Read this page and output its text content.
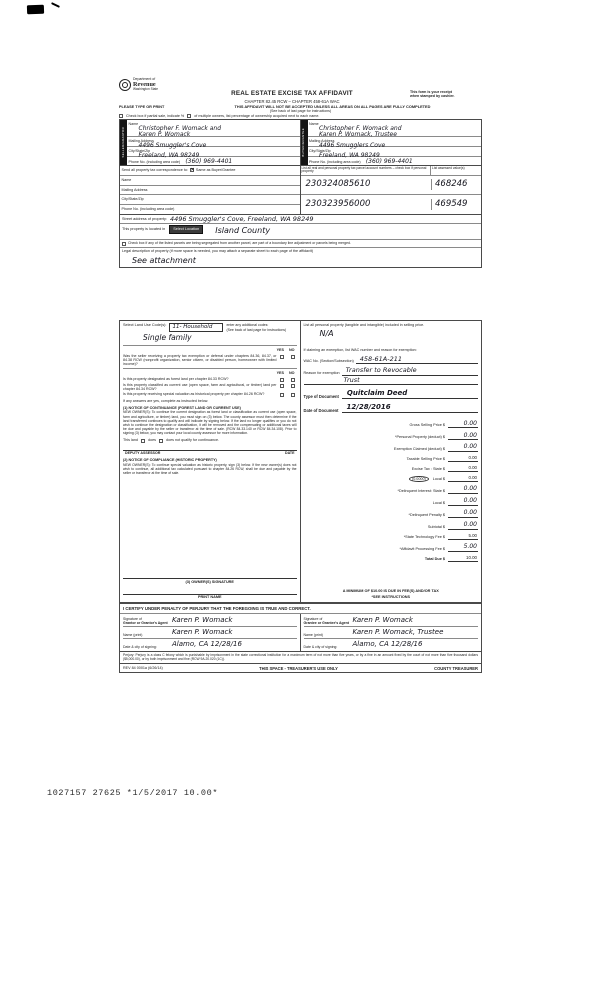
Department of
Revenue
Washington State
REAL ESTATE EXCISE TAX AFFIDAVIT
CHAPTER 82.45 RCW – CHAPTER 458-61A WAC
This form is your receipt
when stamped by cashier.
PLEASE TYPE OR PRINT	THIS AFFIDAVIT WILL NOT BE ACCEPTED UNLESS ALL AREAS ON ALL PAGES ARE FULLY COMPLETED
(See back of last page for instructions)
Check box if partial sale, indicate %	of multiple owners, list percentage of ownership acquired next to each name.
SELLER/GRANTOR
Name
Christopher F. Womack and
Karen P. Womack
Mailing Address
4496 Smuggler's Cove
City/State/Zip
Freeland, WA 98249
Phone No. (including area code) (360) 969-4401
Send all property tax correspondence to: ✕ Same as Buyer/Grantee
Name
Mailing Address
City/State/Zip
Phone No. (including area code)
BUYER/GRANTEE
Name
Christopher F. Womack and
Karen P. Womack, Trustee
Mailing Address
4496 Smugglers Cove
City/State/Zip
Freeland, WA 98249
Phone No. (including area code) (360) 969-4401
List all real and personal property tax parcel account numbers – check box if personal property
List assessed value(s)
230324085610	468246
230323956000	469549
Street address of property: 4496 Smuggler's Cove, Freeland, WA 98249
This property is located in	Select Location	Island County
Check box if any of the listed parcels are being segregated from another parcel, are part of a boundary line adjustment or parcels being merged.
Legal description of property (if more space is needed, you may attach a separate sheet to each page of the affidavit)
See attachment
Select Land Use Code(s):	11- Household	enter any additional codes:
(See back of last page for instructions)
Single family
YES NO
Was the seller receiving a property tax exemption or deferral under chapters 84.36, 84.37, or 84.38 RCW (nonprofit organization, senior citizen, or disabled person, homeowner with limited income)?
YES NO
Is this property designated as forest land per chapter 84.33 RCW?
Is this property classified as current use (open space, farm and agricultural, or timber) land per chapter 84.34 RCW?
Is this property receiving special valuation as historical property per chapter 84.26 RCW?
If any answers are yes, complete as instructed below.
(1) NOTICE OF CONTINUANCE (FOREST LAND OR CURRENT USE)
NEW OWNER(S): To continue the current designation as forest land or classification as current use (open space, farm and agriculture, or timber) land, you must sign on (3) below. The county assessor must then determine if the land transferred continues to qualify and will indicate by signing below. If the land no longer qualifies or you do not wish to continue the designation or classification, it will be removed and the compensating or additional taxes will be due and payable by the seller or transferor at the time of sale. (RCW 84.33.140 or RCW 84.34.108). Prior to signing (3) below, you may contact your local county assessor for more information.
This land	does	does not qualify for continuance.
DEPUTY ASSESSOR	DATE
(2) NOTICE OF COMPLIANCE (HISTORIC PROPERTY)
NEW OWNER(S): To continue special valuation as historic property, sign (3) below. If the new owner(s) does not wish to continue, all additional tax calculated pursuant to chapter 84.26 RCW, shall be due and payable by the seller or transferor at the time of sale.
(3) OWNER(S) SIGNATURE
PRINT NAME
List all personal property (tangible and intangible) included in selling price.
N/A
If claiming an exemption, list WAC number and reason for exemption:
WAC No. (Section/Subsection) 458-61A-211
Reason for exemption Transfer to Revocable
Trust
Type of Document	Quitclaim Deed
Date of Document	12/28/2016
Gross Selling Price $	0.00
*Personal Property (deduct) $	0.00
Exemption Claimed (deduct) $	0.00
Taxable Selling Price $	0.00
Excise Tax : State $	0.00
(0.0000) Local $	0.00
*Delinquent Interest: State $	0.00
Local $	0.00
*Delinquent Penalty $	0.00
Subtotal $	0.00
*State Technology Fee $	5.00
*Affidavit Processing Fee $	5.00
Total Due $	10.00
A MINIMUM OF $10.00 IS DUE IN FEE(S) AND/OR TAX
*SEE INSTRUCTIONS
I CERTIFY UNDER PENALTY OF PERJURY THAT THE FOREGOING IS TRUE AND CORRECT.
Signature of
Grantor or Grantor's Agent Karen P. Womack
Name (print)	Karen P. Womack
Date & city of signing:	Alamo, CA 12/28/16
Signature of
Grantee or Grantee's Agent Karen P. Womack
Name (print)	Karen P. Womack, Trustee
Date & city of signing:	Alamo, CA 12/28/16
Perjury: Perjury is a class C felony which is punishable by imprisonment in the state correctional institution for a maximum term of not more than five years, or by a fine in an amount fixed by the court of not more than five thousand dollars ($5,000.00), or by both imprisonment and fine (RCW 9A.20.020 (1C)).
REV 84 0001a (6/26/14)	THIS SPACE - TREASURER'S USE ONLY	COUNTY TREASURER
1027157 27625 *1/5/2017 10.00*
